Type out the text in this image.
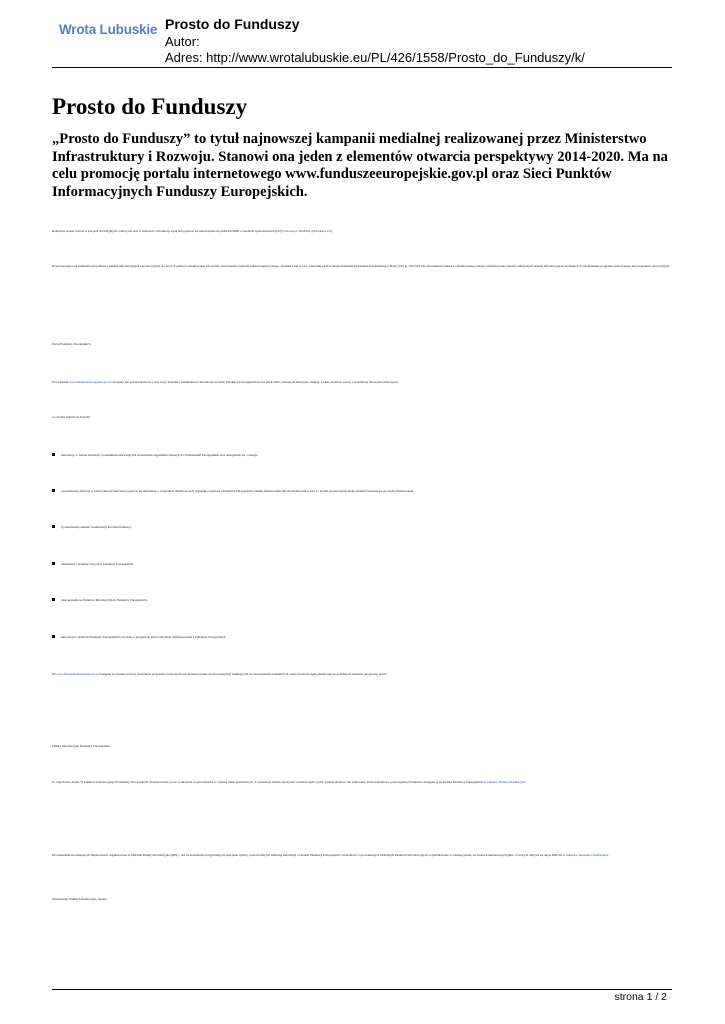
Wrota Lubuskie Prosto do Funduszy
Autor:
Adres: http://www.wrotalubuskie.eu/PL/426/1558/Prosto_do_Funduszy/k/
Prosto do Funduszy
„Prosto do Funduszy” to tytuł najnowszej kampanii medialnej realizowanej przez Ministerstwo Infrastruktury i Rozwoju. Stanowi ona jeden z elementów otwarcia perspektywy 2014-2020. Ma na celu promocję portalu internetowego www.funduszeeuropejskie.gov.pl oraz Sieci Punktów Informacyjnych Funduszy Europejskich.
Kampania będzie obecna w stacjach telewizyjnych, radiowych oraz w Internecie. Informacje będą też pojawiać się sukcesywnie na profilach MIiR w mediach społecznościowych (Facebook.pl, YouTube @Fundusze UE).
Rozpoczynająca się kampania jest jednym z działań informacyjnych i promocyjnych, do których państwa członkowskie UE zostały zobowiązane zapisami pakietu legislacyjnego. Zgodnie z pkt 2.1.2.a. załącznika XII do Rozporządzenia Parlamentu Europejskiego i Rady (UE) nr 1303/2013 do obowiązków państwa członkowskiego należy zorganizowanie szeroko zakrojonych działań informacyjnych promujących uruchomienie programu operacyjnego lub programów operacyjnych.
Portal Funduszy Europejskich
Pod adresem www.funduszeeuropejskie.gov.pl dostępny jest portal internetowy dotyczący aktualne i kompleksowe informacje na temat Funduszy Europejskich na lata 2014-2020. Oferuje on intuicyjną obsługę, a także możliwie prosty i zrozumiały dla użytkownika język.
Co można znaleźć na Portalu?
informacje w formie instrukcji i poradników ułatwiających zrozumienie zagadnień związanych z Funduszami Europejskimi oraz ubieganiem się o dotacje,
wyszukiwarkę Dotacji, w której sukcesywnie będą pojawiać się informacje o wszystkich możliwościach uzyskania wsparcia z Funduszy Europejskich. Dzięki zmieszczeniu filtrom użytkownik w łatwy i szybki sposób będzie mógł odnaleźć interesujące go źródło finansowania,
wyszukiwarkę szkoleń i konferencji na temat funduszy,
dokumenty i przepisy dotyczące Funduszy Europejskich,
dane kontaktowe Punktów Informacyjnych Funduszy Europejskich,
informacje o efektach Funduszy Europejskich oraz dane o projektach, które otrzymały dofinansowanie z Funduszy Europejskich.
Na www.funduszeeuropejskie.gov.pl dostępne są również serwisy wszystkich programów krajowych oraz przekierowania do stron instytucji zajmujących się zarządzaniem środkami UE, które docelowo będą zbudowane na podobnych zasadach jak główny portal.
Punkty Informacyjne Funduszy Europejskich
W całej Polsce działa 75 Punktów Informacyjnych Funduszy Europejskich! Zlokalizowane są one w miastach wojewódzkich i w częściej miast powiatowych. Z konsultacji można skorzystać osobiście bądź wysłać pytanie mailowo lub zadzwonić. Dane kontaktowe poszczególnych Punktów dostępne są na Portalu Funduszy Europejskich w zakładce Punkty informacyjne.
Dla mieszkańców mniejszych miejscowości organizowane są Mobilne Punkty Informacyjne (MPI) - tzn. że konsultanci przyjeżdżają na specjalne dyżury, podczas których udzielają informacji z zakresu Funduszy Europejskich. Wiadomości o prowadzonych Mobilnych Punktach Informacyjnych są publikowane w lokalnej prasie, na stronach internetowych gmin, w których odbywa się akcja MPI lub w zakładce Szkolenia i konferencje.
Odwiedzając Punkty Informacyjne, można:
strona 1 / 2
